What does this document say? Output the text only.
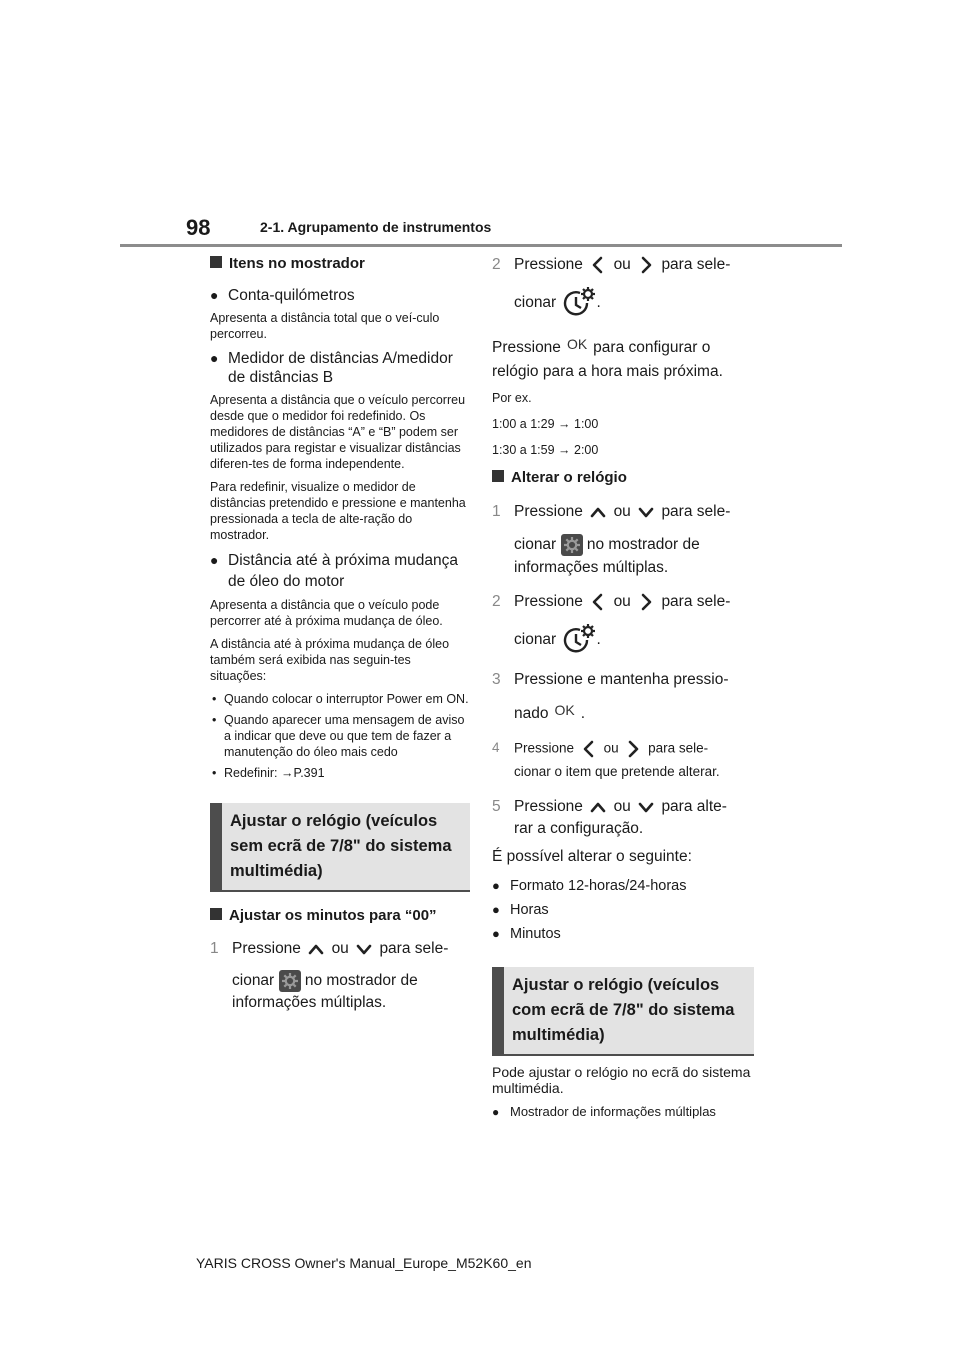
98	2-1. Agrupamento de instrumentos
Itens no mostrador
● Conta-quilómetros

Apresenta a distância total que o veí-culo percorreu.

● Medidor de distâncias A/medidor de distâncias B

Apresenta a distância que o veículo percorreu desde que o medidor foi redefinido. Os medidores de distâncias “A” e “B” podem ser utilizados para registar e visualizar distâncias diferen-tes de forma independente.

Para redefinir, visualize o medidor de distâncias pretendido e pressione e mantenha pressionada a tecla de alte-ração do mostrador.

● Distância até à próxima mudança de óleo do motor

Apresenta a distância que o veículo pode percorrer até à próxima mudança de óleo.

A distância até à próxima mudança de óleo também será exibida nas seguin-tes situações:

• Quando colocar o interruptor Power em ON.
• Quando aparecer uma mensagem de aviso a indicar que deve ou que tem de fazer a manutenção do óleo mais cedo
• Redefinir: →P.391
Ajustar o relógio (veículos sem ecrã de 7/8" do sistema multimédia)
Ajustar os minutos para “00”
1 Pressione ou para sele-
cionar no mostrador de informações múltiplas.
2 Pressione ou para sele-
cionar	.

Pressione OK para configurar o relógio para a hora mais próxima.

Por ex.

1:00 a 1:29 → 1:00

1:30 a 1:59 → 2:00

Alterar o relógio
1 Pressione ou para sele-
cionar no mostrador de informações múltiplas.
2 Pressione ou para sele-
cionar	.
3 Pressione e mantenha pressio-
nado OK .
4 Pressione ou para sele-
cionar o item que pretende alterar.
5 Pressione ou para alte-
rar a configuração.

É possível alterar o seguinte:

● Formato 12-horas/24-horas
● Horas
● Minutos
Ajustar o relógio (veículos com ecrã de 7/8" do sistema multimédia)

Pode ajustar o relógio no ecrã do sistema multimédia.

● Mostrador de informações múltiplas
YARIS CROSS Owner's Manual_Europe_M52K60_en
